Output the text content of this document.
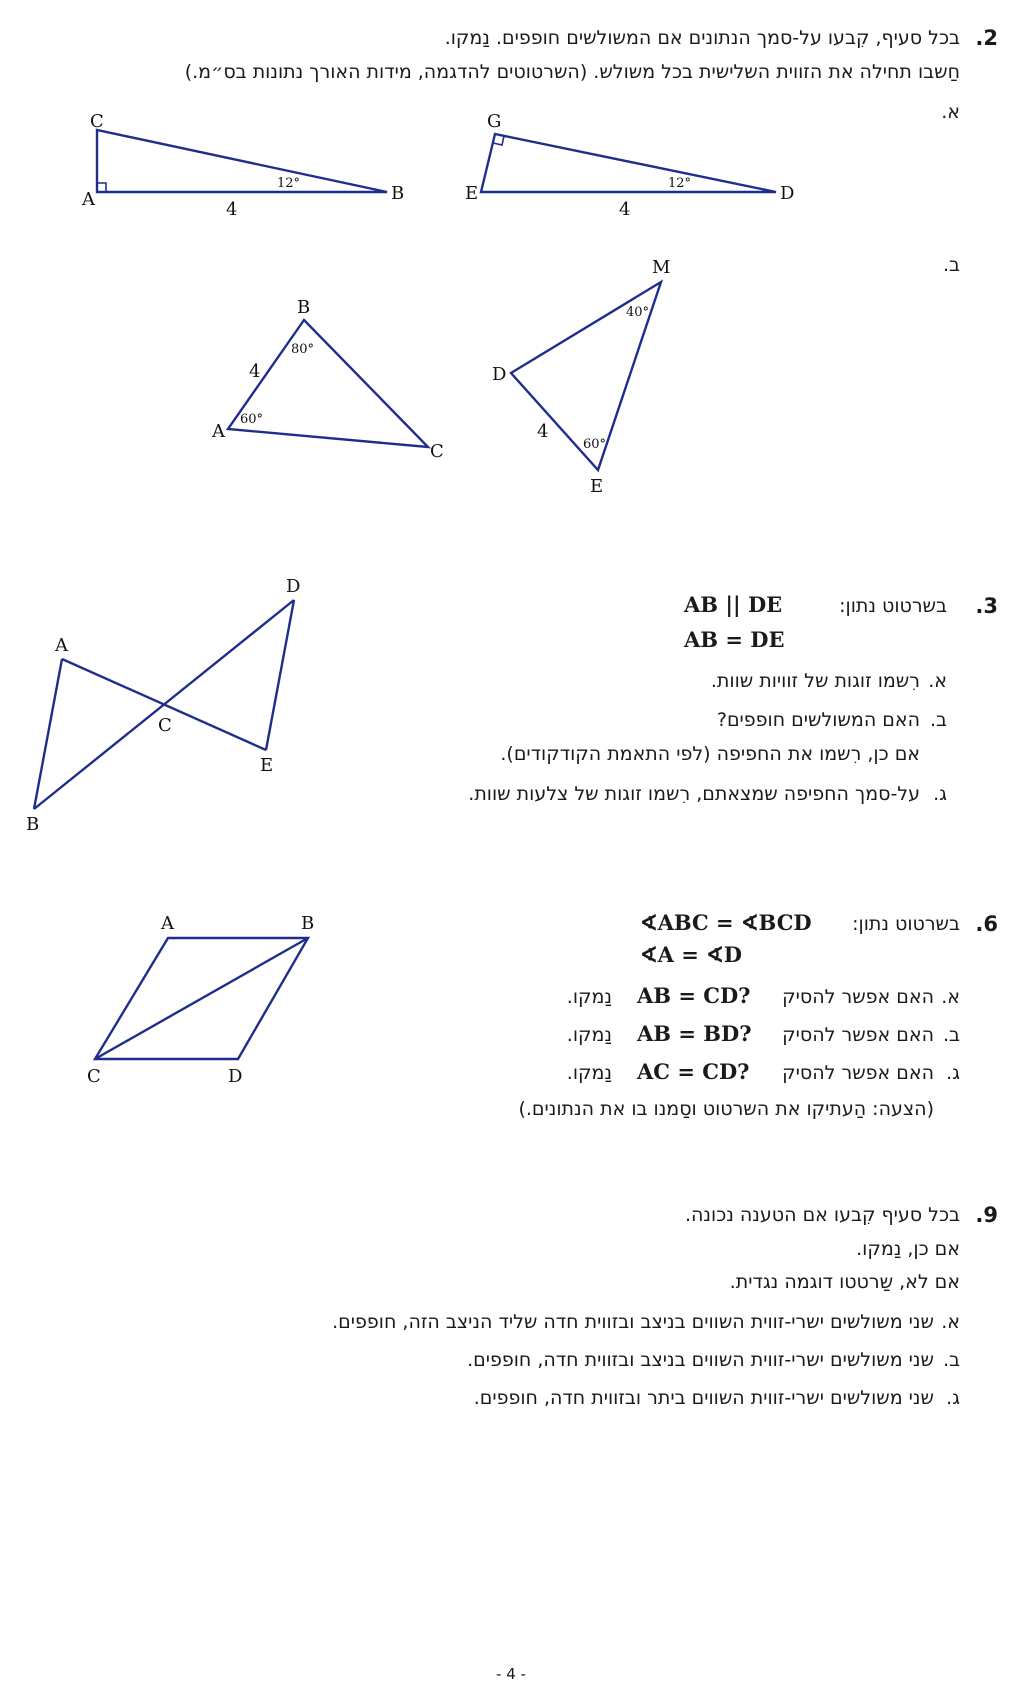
.2
בכל סעיף, קִבעו על-סמך הנתונים אם המשולשים חופפים. נַמקו.
חַשבו תחילה את הזווית השלישית בכל משולש. (השרטוטים להדגמה, מידות האורך נתונות בס״מ.)
א.
ב.
C
A	B
12°
4
G
E	D
12°
4
B
A
C
80°
60°
4
M
D
E
40°
60°
4
.3
בשרטוט נתון:
AB || DE
AB = DE
א.
רִשמו זוגות של זוויות שוות.
ב.
האם המשולשים חופפים?
אם כן, רִשמו את החפיפה (לפי התאמת הקודקודים).
ג.
על-סמך החפיפה שמצאתם, רִשמו זוגות של צלעות שוות.
A
B
C
D
E
.6
בשרטוט נתון:
∢ABC = ∢BCD
∢A = ∢D
א.
האם אפשר להסיק
AB = CD?
נַמקו.
ב.
האם אפשר להסיק
AB = BD?
נַמקו.
ג.
האם אפשר להסיק
AC = CD?
נַמקו.
(הצעה: הַעתיקו את השרטוט וסַמנו בו את הנתונים.)
A	B
C	D
.9
בכל סעיף קִבעו אם הטענה נכונה.
אם כן, נַמקו.
אם לא, שַרטטו דוגמה נגדית.
א.
שני משולשים ישרי-זווית השווים בניצב ובזווית חדה שליד הניצב הזה, חופפים.
ב.
שני משולשים ישרי-זווית השווים בניצב ובזווית חדה, חופפים.
ג.
שני משולשים ישרי-זווית השווים ביתר ובזווית חדה, חופפים.
- 4 -
